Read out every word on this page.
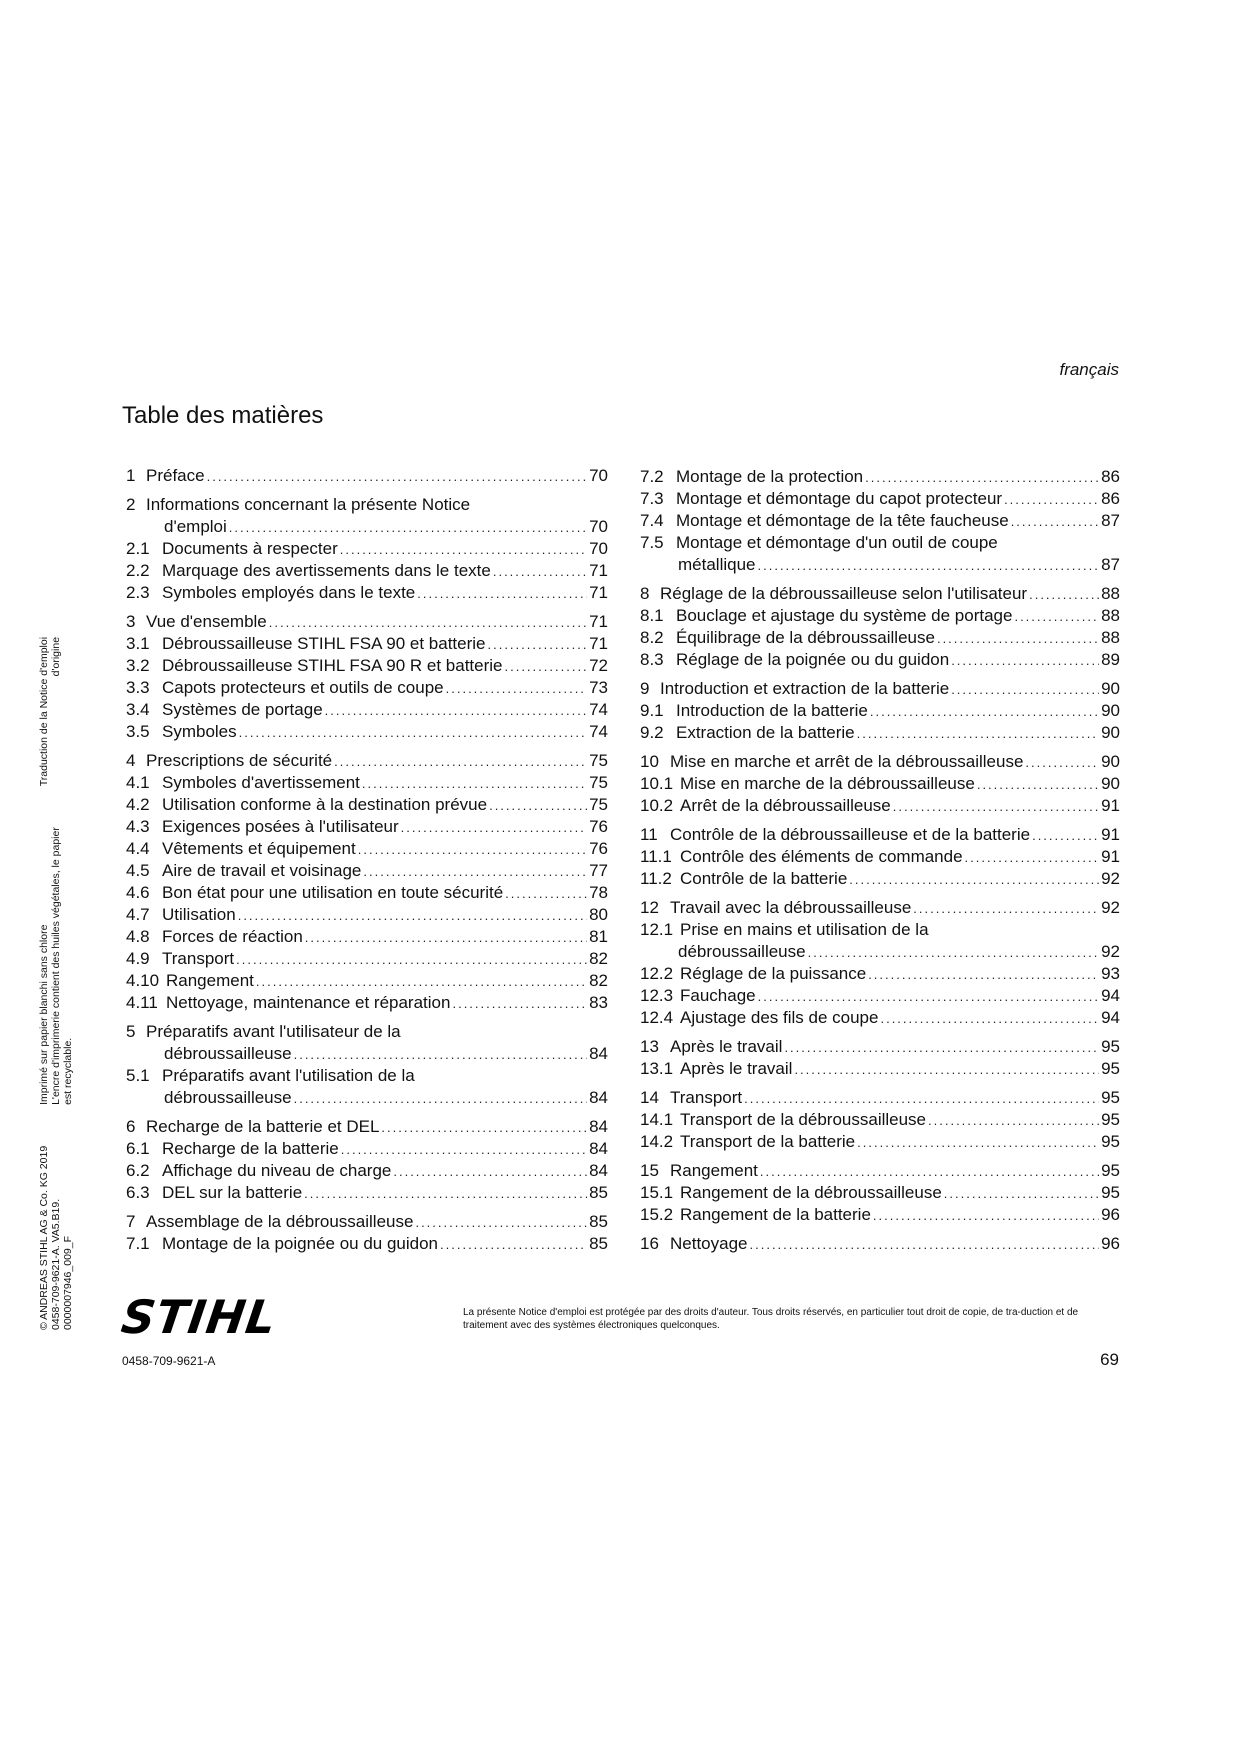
français
Table des matières
1 Préface .....	70
2 Informations concernant la présente Notice
d'emploi .....	70
2.1 Documents à respecter .....	70
2.2 Marquage des avertissements dans le texte .....	71
2.3 Symboles employés dans le texte .....	71
3 Vue d'ensemble .....	71
3.1 Débroussailleuse STIHL FSA 90 et batterie .....	71
3.2 Débroussailleuse STIHL FSA 90 R et batterie .....	72
3.3 Capots protecteurs et outils de coupe .....	73
3.4 Systèmes de portage .....	74
3.5 Symboles .....	74
4 Prescriptions de sécurité .....	75
4.1 Symboles d'avertissement .....	75
4.2 Utilisation conforme à la destination prévue .....	75
4.3 Exigences posées à l'utilisateur .....	76
4.4 Vêtements et équipement .....	76
4.5 Aire de travail et voisinage .....	77
4.6 Bon état pour une utilisation en toute sécurité .....	78
4.7 Utilisation .....	80
4.8 Forces de réaction .....	81
4.9 Transport .....	82
4.10 Rangement .....	82
4.11 Nettoyage, maintenance et réparation .....	83
5 Préparatifs avant l'utilisateur de la
débroussailleuse .....	84
5.1 Préparatifs avant l'utilisation de la
débroussailleuse .....	84
6 Recharge de la batterie et DEL .....	84
6.1 Recharge de la batterie .....	84
6.2 Affichage du niveau de charge .....	84
6.3 DEL sur la batterie .....	85
7 Assemblage de la débroussailleuse .....	85
7.1 Montage de la poignée ou du guidon .....	85
7.2 Montage de la protection .....	86
7.3 Montage et démontage du capot protecteur .....	86
7.4 Montage et démontage de la tête faucheuse .....	87
7.5 Montage et démontage d'un outil de coupe
métallique .....	87
8 Réglage de la débroussailleuse selon l'utilisateur .....	88
8.1 Bouclage et ajustage du système de portage .....	88
8.2 Équilibrage de la débroussailleuse .....	88
8.3 Réglage de la poignée ou du guidon .....	89
9 Introduction et extraction de la batterie .....	90
9.1 Introduction de la batterie .....	90
9.2 Extraction de la batterie .....	90
10 Mise en marche et arrêt de la débroussailleuse .....	90
10.1 Mise en marche de la débroussailleuse .....	90
10.2 Arrêt de la débroussailleuse .....	91
11 Contrôle de la débroussailleuse et de la batterie .....	91
11.1 Contrôle des éléments de commande .....	91
11.2 Contrôle de la batterie .....	92
12 Travail avec la débroussailleuse .....	92
12.1 Prise en mains et utilisation de la
débroussailleuse .....	92
12.2 Réglage de la puissance .....	93
12.3 Fauchage .....	94
12.4 Ajustage des fils de coupe .....	94
13 Après le travail .....	95
13.1 Après le travail .....	95
14 Transport .....	95
14.1 Transport de la débroussailleuse .....	95
14.2 Transport de la batterie .....	95
15 Rangement .....	95
15.1 Rangement de la débroussailleuse .....	95
15.2 Rangement de la batterie .....	96
16 Nettoyage .....	96
© ANDREAS STIHL AG & Co. KG 2019 0458-709-9621-A. VA5.B19. 0000007946_009_F

Imprimé sur papier blanchi sans chlore L'encre d'imprimerie contient des huiles végétales, le papier est recyclable.

Traduction de la Notice d'emploi d'origine
STIHL	La présente Notice d'emploi est protégée par des droits d'auteur. Tous droits réservés, en particulier tout droit de copie, de tra-duction et de traitement avec des systèmes électroniques quelconques.
0458-709-9621-A	69
